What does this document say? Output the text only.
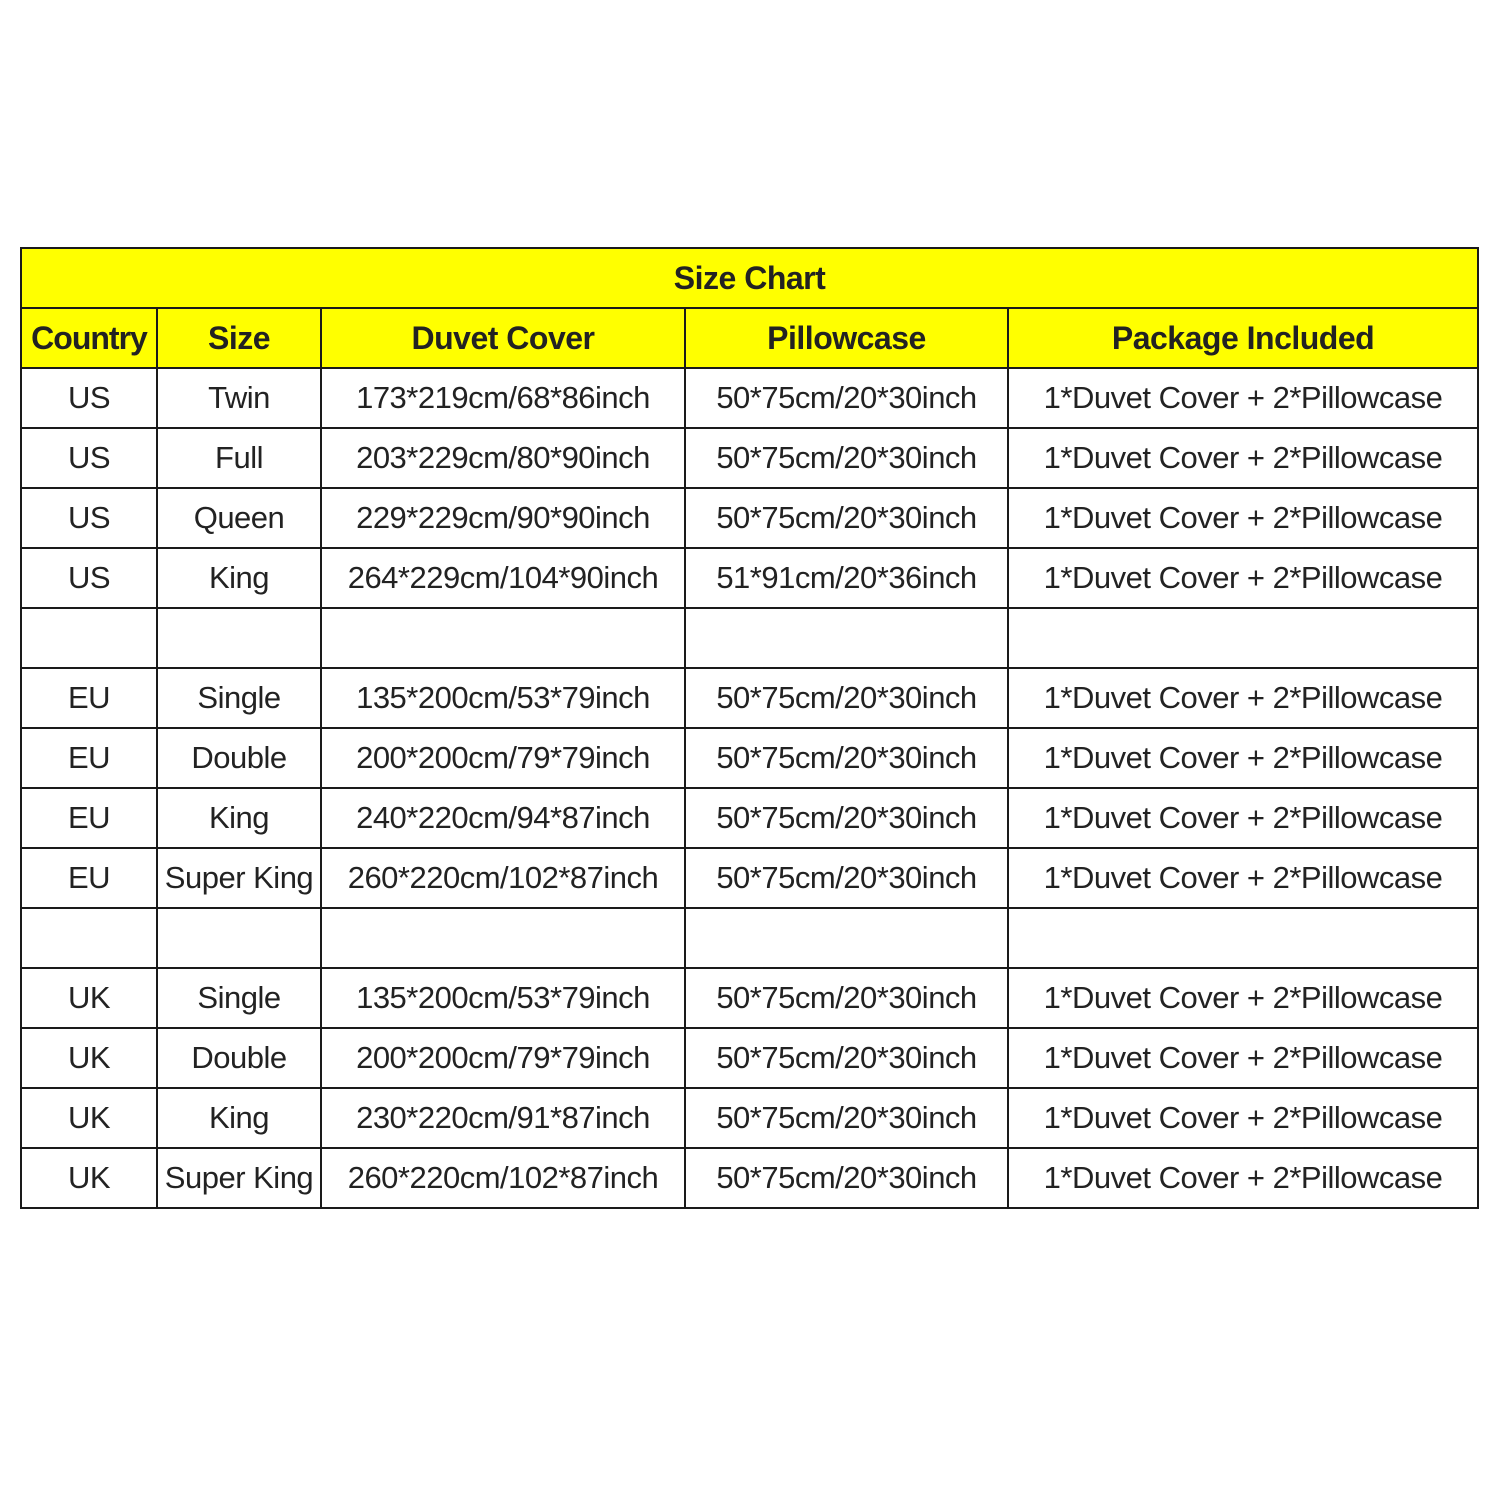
Size Chart				
Country	Size	Duvet Cover	Pillowcase	Package Included
US	Twin	173*219cm/68*86inch	50*75cm/20*30inch	1*Duvet Cover + 2*Pillowcase
US	Full	203*229cm/80*90inch	50*75cm/20*30inch	1*Duvet Cover + 2*Pillowcase
US	Queen	229*229cm/90*90inch	50*75cm/20*30inch	1*Duvet Cover + 2*Pillowcase
US	King	264*229cm/104*90inch	51*91cm/20*36inch	1*Duvet Cover + 2*Pillowcase

EU	Single	135*200cm/53*79inch	50*75cm/20*30inch	1*Duvet Cover + 2*Pillowcase
EU	Double	200*200cm/79*79inch	50*75cm/20*30inch	1*Duvet Cover + 2*Pillowcase
EU	King	240*220cm/94*87inch	50*75cm/20*30inch	1*Duvet Cover + 2*Pillowcase
EU	Super King	260*220cm/102*87inch	50*75cm/20*30inch	1*Duvet Cover + 2*Pillowcase

UK	Single	135*200cm/53*79inch	50*75cm/20*30inch	1*Duvet Cover + 2*Pillowcase
UK	Double	200*200cm/79*79inch	50*75cm/20*30inch	1*Duvet Cover + 2*Pillowcase
UK	King	230*220cm/91*87inch	50*75cm/20*30inch	1*Duvet Cover + 2*Pillowcase
UK	Super King	260*220cm/102*87inch	50*75cm/20*30inch	1*Duvet Cover + 2*Pillowcase
